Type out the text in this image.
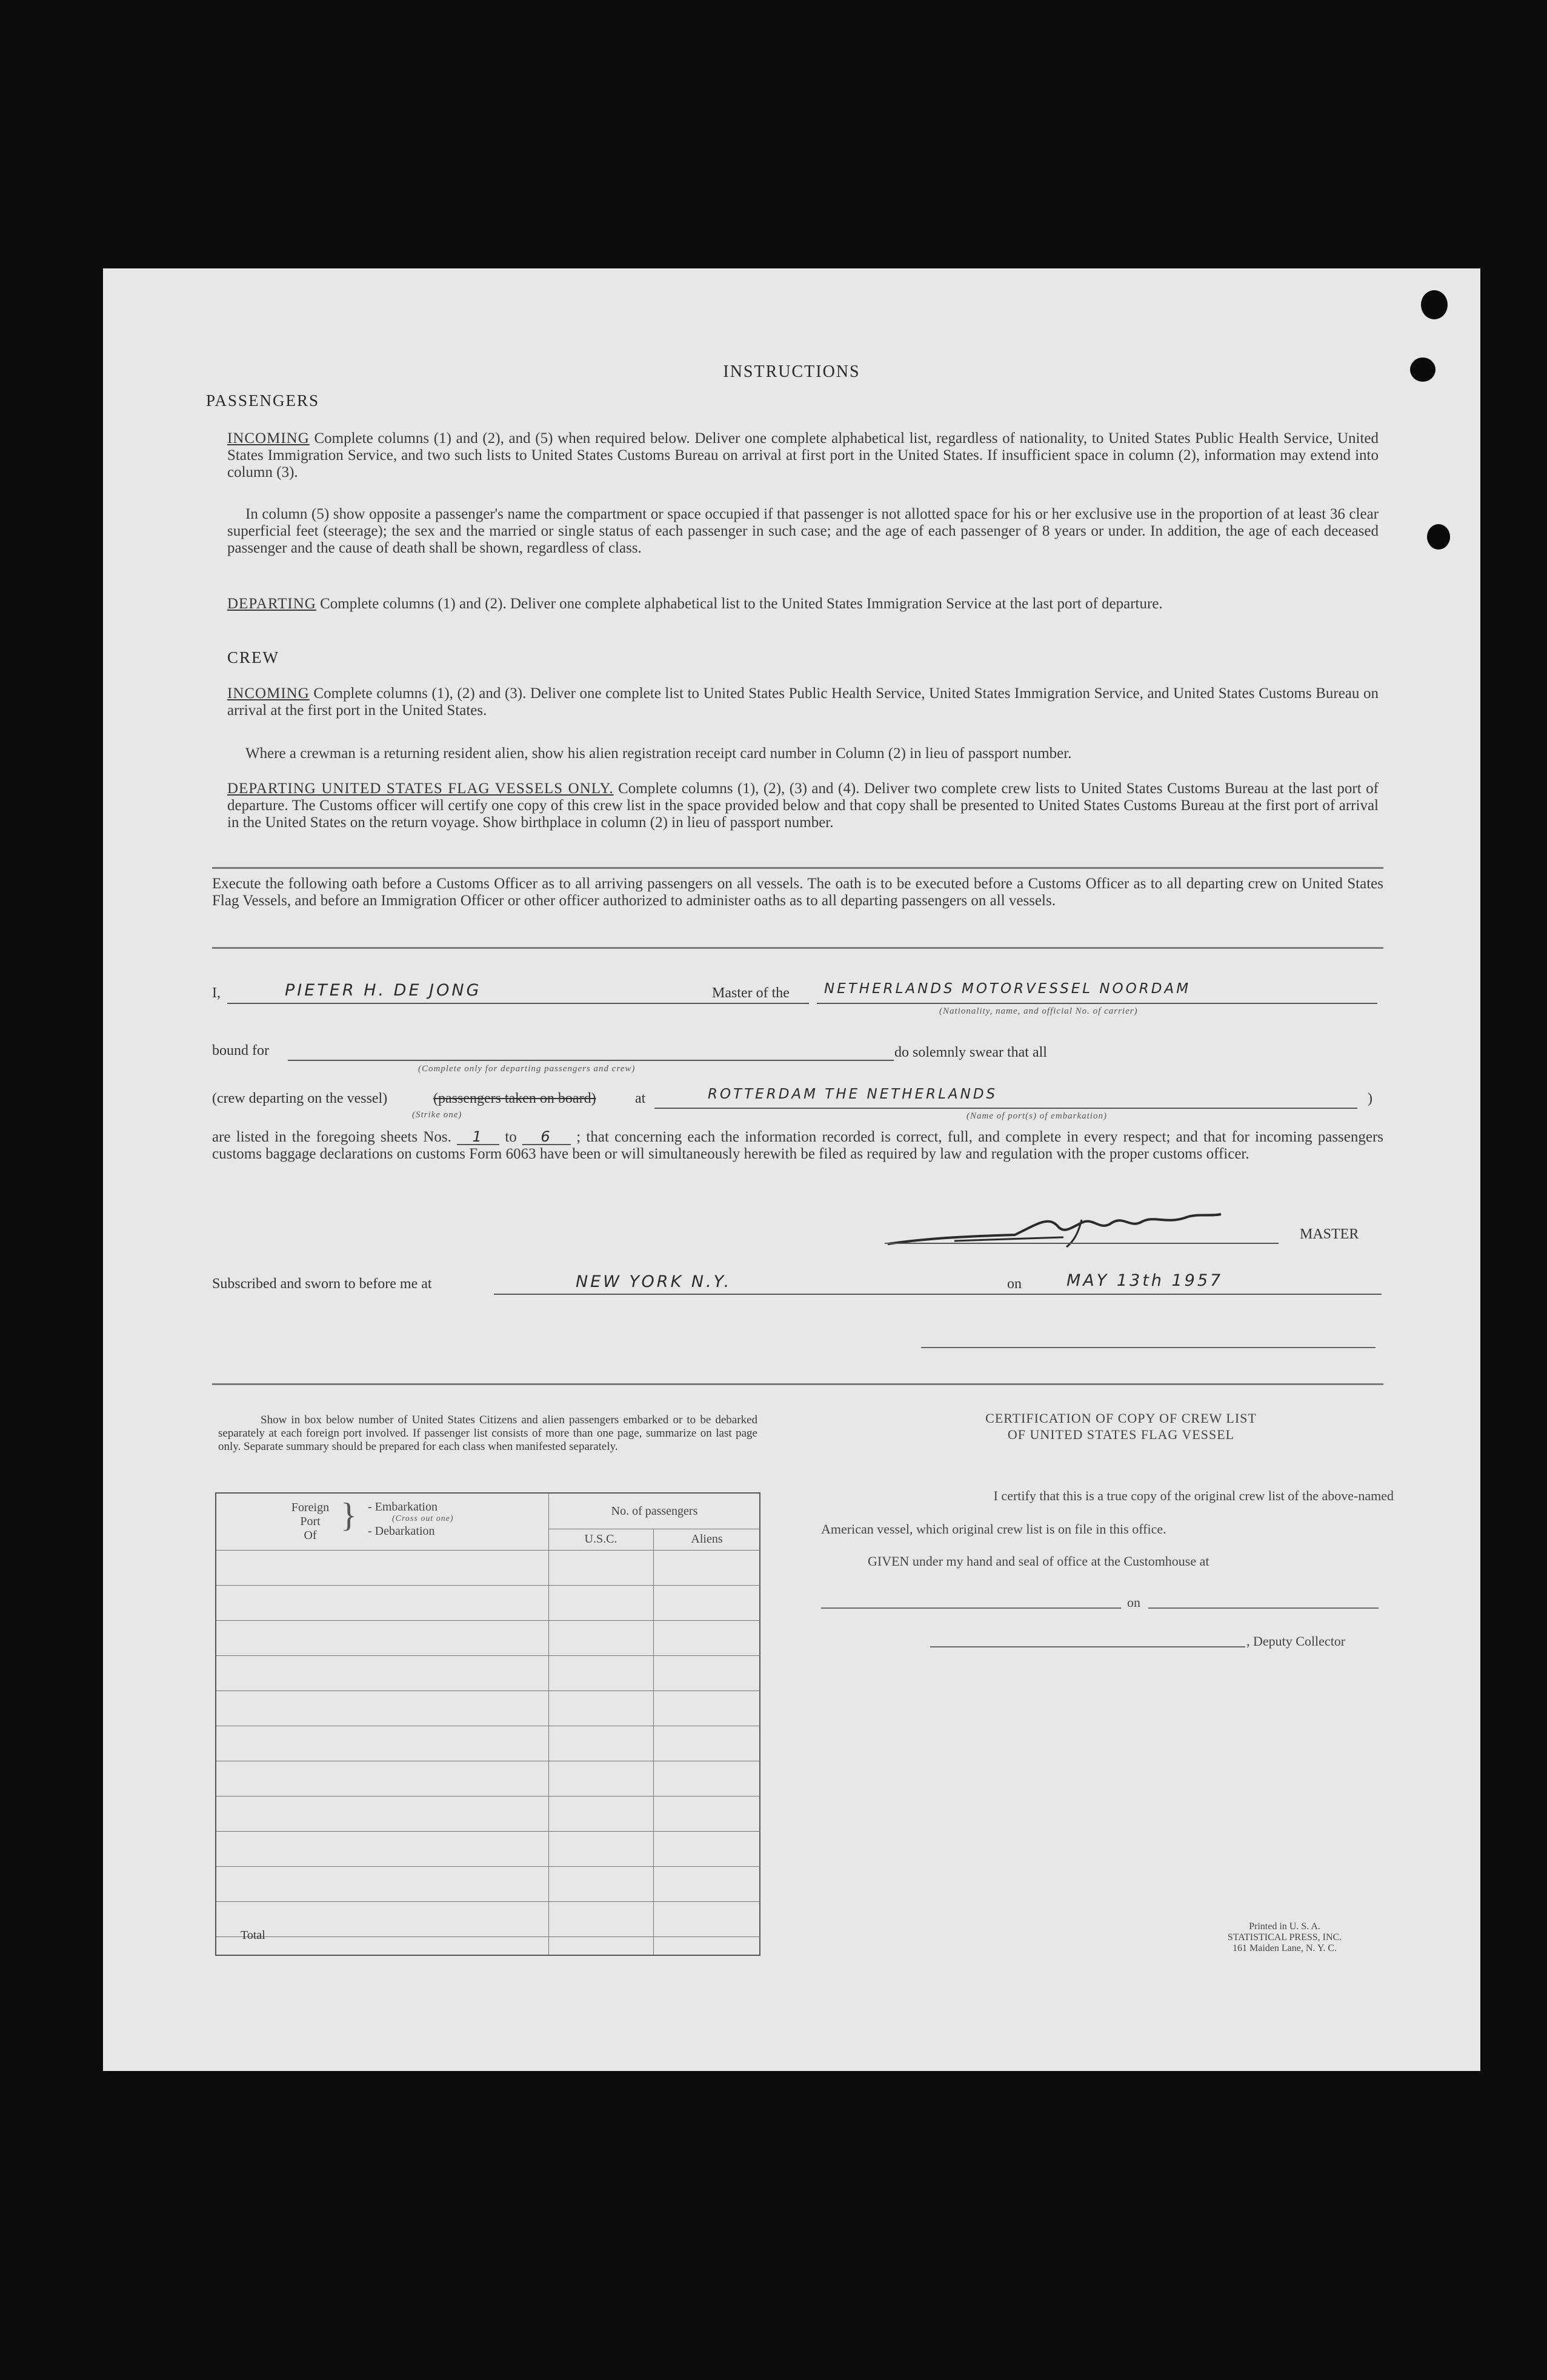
INSTRUCTIONS
PASSENGERS
INCOMING Complete columns (1) and (2), and (5) when required below. Deliver one complete alphabetical list, regardless of nationality, to United States Public Health Service, United States Immigration Service, and two such lists to United States Customs Bureau on arrival at first port in the United States. If insufficient space in column (2), information may extend into column (3).
In column (5) show opposite a passenger's name the compartment or space occupied if that passenger is not allotted space for his or her exclusive use in the proportion of at least 36 clear superficial feet (steerage); the sex and the married or single status of each passenger in such case; and the age of each passenger of 8 years or under. In addition, the age of each deceased passenger and the cause of death shall be shown, regardless of class.
DEPARTING Complete columns (1) and (2). Deliver one complete alphabetical list to the United States Immigration Service at the last port of departure.
CREW
INCOMING Complete columns (1), (2) and (3). Deliver one complete list to United States Public Health Service, United States Immigration Service, and United States Customs Bureau on arrival at the first port in the United States.
Where a crewman is a returning resident alien, show his alien registration receipt card number in Column (2) in lieu of passport number.
DEPARTING UNITED STATES FLAG VESSELS ONLY. Complete columns (1), (2), (3) and (4). Deliver two complete crew lists to United States Customs Bureau at the last port of departure. The Customs officer will certify one copy of this crew list in the space provided below and that copy shall be presented to United States Customs Bureau at the first port of arrival in the United States on the return voyage. Show birthplace in column (2) in lieu of passport number.
Execute the following oath before a Customs Officer as to all arriving passengers on all vessels. The oath is to be executed before a Customs Officer as to all departing crew on United States Flag Vessels, and before an Immigration Officer or other officer authorized to administer oaths as to all departing passengers on all vessels.
I,	PIETER H. DE JONG	Master of the NETHERLANDS MOTORVESSEL NOORDAM
(Nationality, name, and official No. of carrier)
bound for
(Complete only for departing passengers and crew)
do solemnly swear that all
(crew departing on the vessel)	(passengers taken on board)
(Strike one)
at	ROTTERDAM THE NETHERLANDS
(Name of port(s) of embarkation)
)
are listed in the foregoing sheets Nos. 1 to 6 ; that concerning each the information recorded is correct, full, and complete in every respect; and that for incoming passengers customs baggage declarations on customs Form 6063 have been or will simultaneously herewith be filed as required by law and regulation with the proper customs officer.
MASTER
Subscribed and sworn to before me at	NEW YORK N.Y.	on	MAY 13th 1957
Show in box below number of United States Citizens and alien passengers embarked or to be debarked separately at each foreign port involved. If passenger list consists of more than one page, summarize on last page only. Separate summary should be prepared for each class when manifested separately.
Foreign
Port
Of
} - Embarkation
(Cross out one)
- Debarkation
No. of passengers
U.S.C.	Aliens
Total
CERTIFICATION OF COPY OF CREW LIST
OF UNITED STATES FLAG VESSEL
I certify that this is a true copy of the original crew list of the above-named
American vessel, which original crew list is on file in this office.
GIVEN under my hand and seal of office at the Customhouse at
on
, Deputy Collector
Printed in U. S. A.
STATISTICAL PRESS, INC.
161 Maiden Lane, N. Y. C.
